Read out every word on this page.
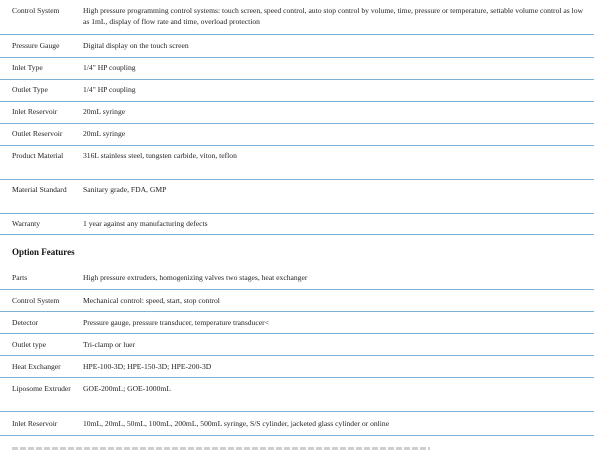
Control System	High pressure programming control systems: touch screen, speed control, auto stop control by volume, time, pressure or temperature, settable volume control as low as 1mL, display of flow rate and time, overload protection

Pressure Gauge	Digital display on the touch screen

Inlet Type	1/4" HP coupling

Outlet Type	1/4" HP coupling

Inlet Reservoir	20mL syringe

Outlet Reservoir	20mL syringe

Product Material	316L stainless steel, tungsten carbide, viton, teflon

Material Standard	Sanitary grade, FDA, GMP

Warranty	1 year against any manufacturing defects
Option Features
Parts	High pressure extruders, homogenizing valves two stages, heat exchanger

Control System	Mechanical control: speed, start, stop control

Detector	Pressure gauge, pressure transducer, temperature transducer<

Outlet type	Tri-clamp or luer

Heat Exchanger	HPE-100-3D; HPE-150-3D; HPE-200-3D

Liposome Extruder	GOE-200mL; GOE-1000mL

Inlet Reservoir	10mL, 20mL, 50mL, 100mL, 200mL, 500mL syringe, S/S cylinder, jacketed glass cylinder or online
